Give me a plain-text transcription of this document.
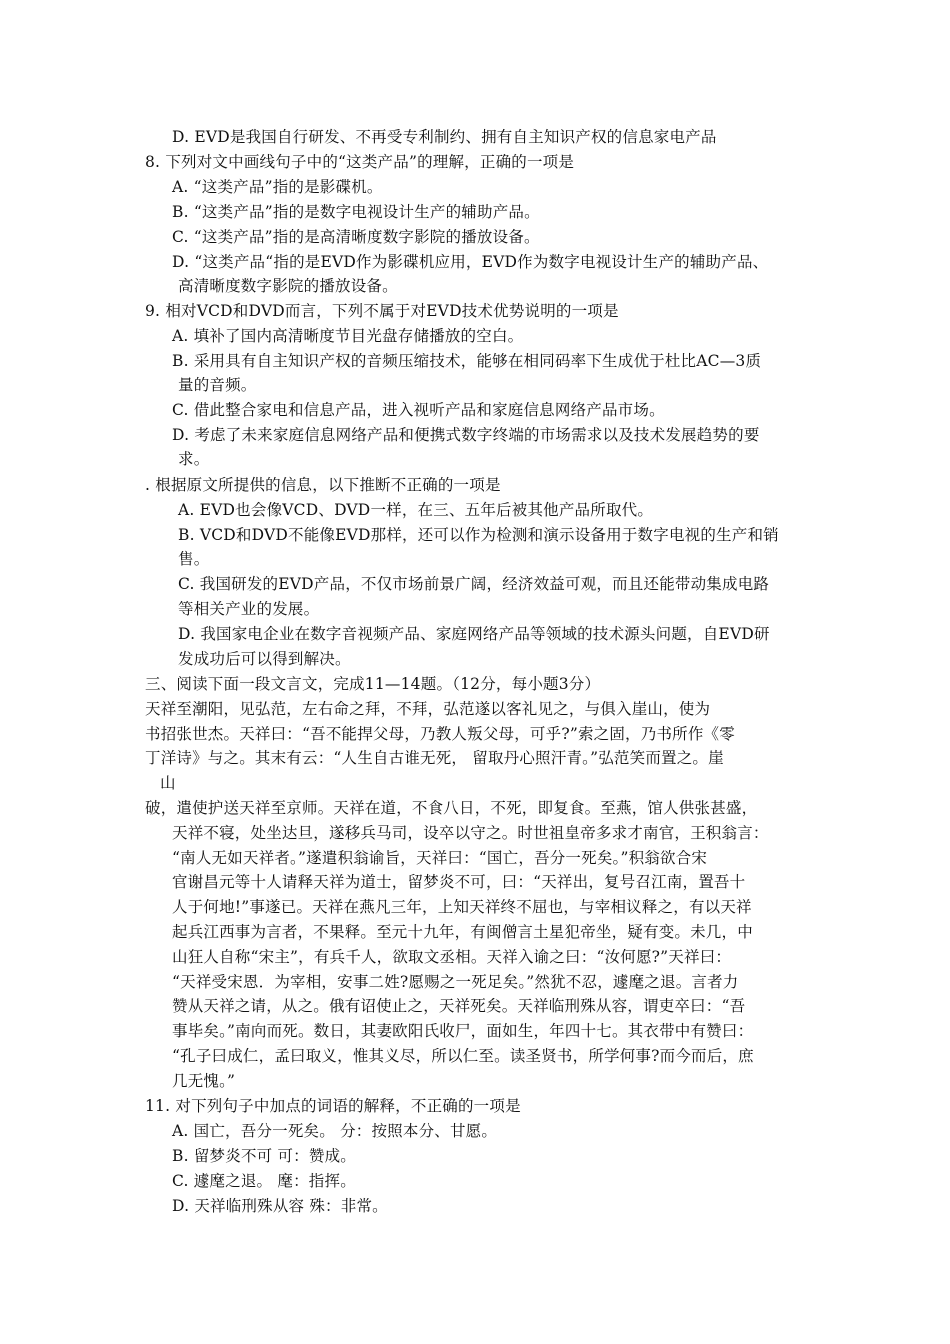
D. EVD是我国自行研发、不再受专利制约、拥有自主知识产权的信息家电产品
8. 下列对文中画线句子中的“这类产品”的理解，正确的一项是
A. “这类产品”指的是影碟机。
B. “这类产品”指的是数字电视设计生产的辅助产品。
C. “这类产品”指的是高清晰度数字影院的播放设备。
D. “这类产品“指的是EVD作为影碟机应用，EVD作为数字电视设计生产的辅助产品、
高清晰度数字影院的播放设备。
9. 相对VCD和DVD而言，下列不属于对EVD技术优势说明的一项是
A. 填补了国内高清晰度节目光盘存储播放的空白。
B. 采用具有自主知识产权的音频压缩技术，能够在相同码率下生成优于杜比AC—3质
量的音频。
C. 借此整合家电和信息产品，进入视听产品和家庭信息网络产品市场。
D. 考虑了未来家庭信息网络产品和便携式数字终端的市场需求以及技术发展趋势的要
求。
. 根据原文所提供的信息，以下推断不正确的一项是
A. EVD也会像VCD、DVD一样，在三、五年后被其他产品所取代。
B. VCD和DVD不能像EVD那样，还可以作为检测和演示设备用于数字电视的生产和销
售。
C. 我国研发的EVD产品，不仅市场前景广阔，经济效益可观，而且还能带动集成电路
等相关产业的发展。
D. 我国家电企业在数字音视频产品、家庭网络产品等领域的技术源头问题，自EVD研
发成功后可以得到解决。
三、阅读下面一段文言文，完成11—14题。（12分，每小题3分）
天祥至潮阳，见弘范，左右命之拜，不拜，弘范遂以客礼见之，与俱入崖山，使为
书招张世杰。天祥曰：“吾不能捍父母，乃教人叛父母，可乎?”索之固，乃书所作《零
丁洋诗》与之。其末有云：“人生自古谁无死， 留取丹心照汗青。”弘范笑而置之。崖
山
破，遣使护送天祥至京师。天祥在道，不食八日，不死，即复食。至燕，馆人供张甚盛，
天祥不寝，处坐达旦，遂移兵马司，设卒以守之。时世祖皇帝多求才南官，王积翁言：
“南人无如天祥者。”遂遣积翁谕旨，天祥曰：“国亡，吾分一死矣。”积翁欲合宋
官谢昌元等十人请释天祥为道士，留梦炎不可，曰：“天祥出，复号召江南，置吾十
人于何地!”事遂已。天祥在燕凡三年，上知天祥终不屈也，与宰相议释之，有以天祥
起兵江西事为言者，不果释。至元十九年，有闽僧言土星犯帝坐，疑有变。未几，中
山狂人自称“宋主”，有兵千人，欲取文丞相。天祥入谕之曰：“汝何愿?”天祥曰：
“天祥受宋恩．为宰相，安事二姓?愿赐之一死足矣。”然犹不忍，遽麾之退。言者力
赞从天祥之请，从之。俄有诏使止之，天祥死矣。天祥临刑殊从容，谓吏卒曰：“吾
事毕矣。”南向而死。数日，其妻欧阳氏收尸，面如生，年四十七。其衣带中有赞曰：
“孔子曰成仁，孟曰取义，惟其义尽，所以仁至。读圣贤书，所学何事?而今而后，庶
几无愧。”
11. 对下列句子中加点的词语的解释，不正确的一项是
A. 国亡，吾分一死矣。 分：按照本分、甘愿。
B. 留梦炎不可 可：赞成。
C. 遽麾之退。 麾：指挥。
D. 天祥临刑殊从容 殊：非常。
